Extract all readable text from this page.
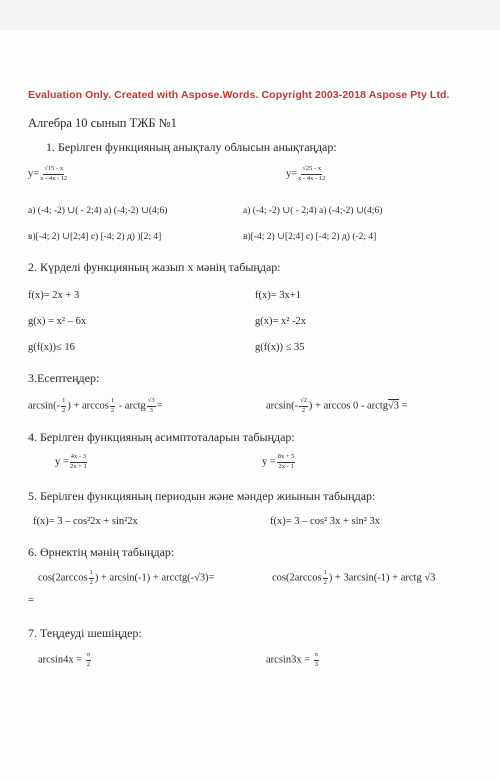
Evaluation Only. Created with Aspose.Words. Copyright 2003-2018 Aspose Pty Ltd.
Алгебра 10 сынып ТЖБ №1
1. Берілген функцияның анықталу облысын анықтаңдар:
$y= \frac{√15 - x}{x - 4x - 12}$	$y= \frac{√25 - x}{x - 4x - 12}$
а) (-4; -2) ∪( - 2;4) а) (-4;-2) ∪(4;6)	а) (-4; -2) ∪( - 2;4) а) (-4;-2) ∪(4;6)
в)[-4; 2) ∪[2;4] с) [-4; 2) д) )[2; 4]	в)[-4; 2) ∪[2;4] с) [-4; 2) д) (-2; 4]
2. Күрделі функцияның жазып х мәнің табыңдар:
f(x)= 2x + 3	f(x)= 3x+1
g(x) = x² – 6x	g(x)= x² -2x
g(f(x))≤ 16	g(f(x)) ≤ 35
3.Есептеңдер:
$\arcsin(- \frac{1}{2}$ ) + $\arccos \frac{1}{2}$ - arctg $\frac{√3}{3}$ =	$\arcsin(- \frac{√2}{2}$ ) + arccos 0 - arctg√3 =
4. Берілген функцияның асимптоталарын табыңдар:
$y = \frac{4x - 3}{2x + 1}$	$y = \frac{8x + 5}{2x - 1}$
5. Берілген функцияның периодын және мәндер жиынын табыңдар:
f(x)= 3 – cos²2x + sin²2x	f(x)= 3 – cos² 3x + sin² 3x
6. Өрнектің мәнің табыңдар:
$\cos(2\arccos \frac{1}{2}$ ) + arcsin(-1) + arcctg(-√3)=	$\cos(2\arccos \frac{1}{2}$ ) + 3arcsin(-1) + arctg √3
=
7. Теңдеуді шешіңдер:
$\arcsin 4x = \frac{\pi}{2}$	$\arcsin 3x = \frac{\pi}{3}$
